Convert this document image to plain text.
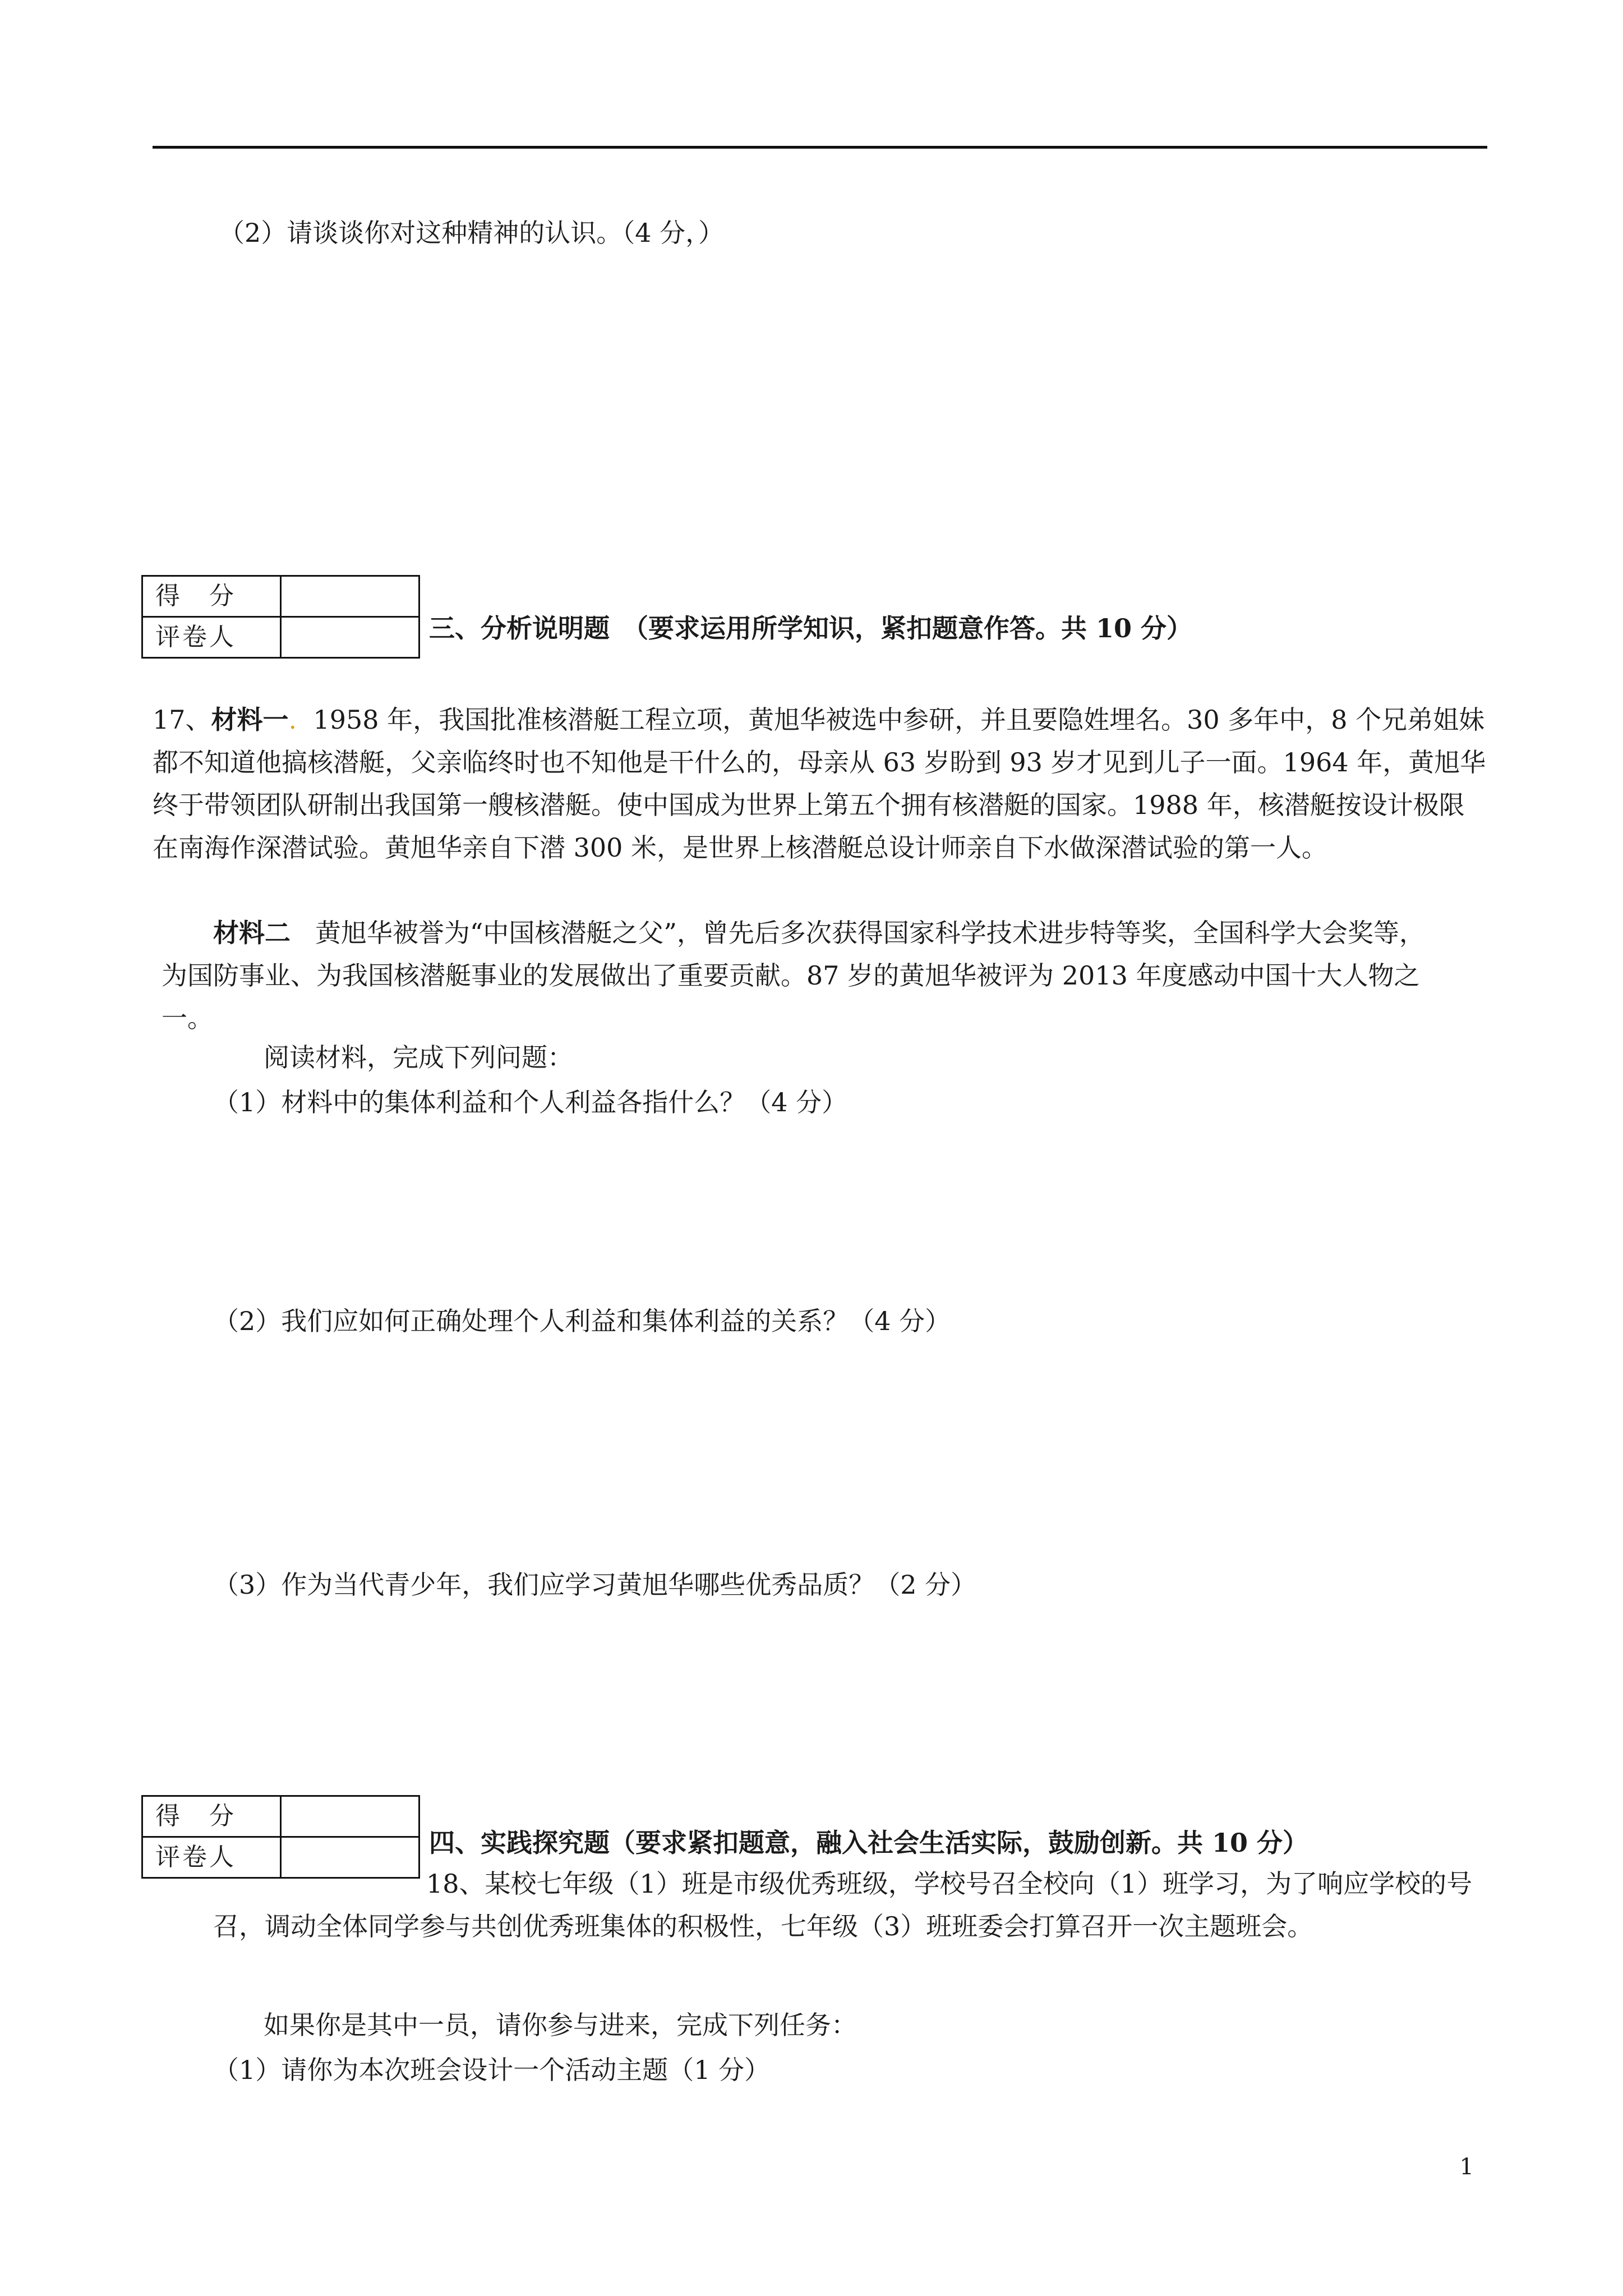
（2）请谈谈你对这种精神的认识。（4 分，）
得　分	
评卷人		三、分析说明题　（要求运用所学知识，紧扣题意作答。共 10 分）
17、材料一. 1958 年，我国批准核潜艇工程立项，黄旭华被选中参研，并且要隐姓埋名。30 多年中，8 个兄弟姐妹都不知道他搞核潜艇，父亲临终时也不知他是干什么的，母亲从 63 岁盼到 93 岁才见到儿子一面。1964 年，黄旭华终于带领团队研制出我国第一艘核潜艇。使中国成为世界上第五个拥有核潜艇的国家。1988 年，核潜艇按设计极限在南海作深潜试验。黄旭华亲自下潜 300 米，是世界上核潜艇总设计师亲自下水做深潜试验的第一人。
材料二 黄旭华被誉为“中国核潜艇之父”，曾先后多次获得国家科学技术进步特等奖，全国科学大会奖等，为国防事业、为我国核潜艇事业的发展做出了重要贡献。87 岁的黄旭华被评为 2013 年度感动中国十大人物之一。
阅读材料，完成下列问题：
（1）材料中的集体利益和个人利益各指什么？（4 分）
（2）我们应如何正确处理个人利益和集体利益的关系？（4 分）
（3）作为当代青少年，我们应学习黄旭华哪些优秀品质？（2 分）
得　分	
评卷人		四、实践探究题（要求紧扣题意，融入社会生活实际，鼓励创新。共 10 分）
18、某校七年级（1）班是市级优秀班级，学校号召全校向（1）班学习，为了响应学校的号召，调动全体同学参与共创优秀班集体的积极性，七年级（3）班班委会打算召开一次主题班会。
如果你是其中一员，请你参与进来，完成下列任务：
（1）请你为本次班会设计一个活动主题（1 分）
1
